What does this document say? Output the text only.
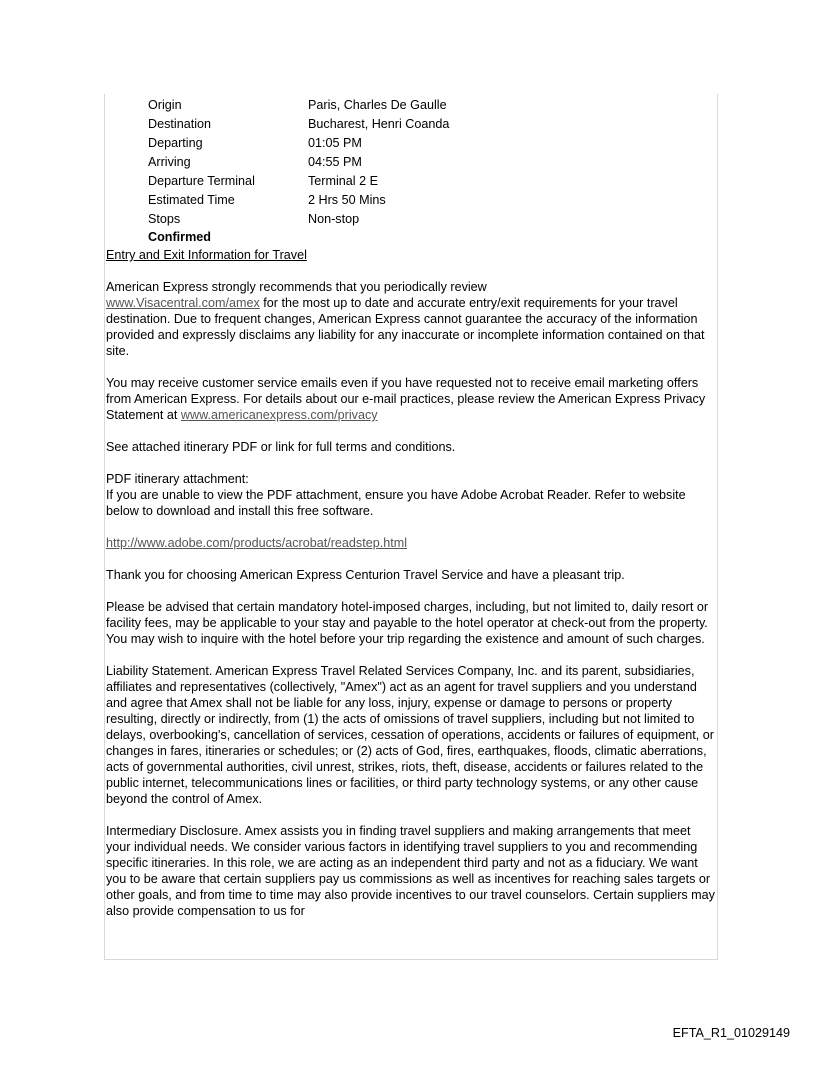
Origin	Paris, Charles De Gaulle
Destination	Bucharest, Henri Coanda
Departing	01:05 PM
Arriving	04:55 PM
Departure Terminal	Terminal 2 E
Estimated Time	2 Hrs 50 Mins
Stops	Non-stop
Confirmed
Entry and Exit Information for Travel

American Express strongly recommends that you periodically review
www.Visacentral.com/amex for the most up to date and accurate entry/exit requirements for your travel destination. Due to frequent changes, American Express cannot guarantee the accuracy of the information provided and expressly disclaims any liability for any inaccurate or incomplete information contained on that site.

You may receive customer service emails even if you have requested not to receive email marketing offers from American Express. For details about our e-mail practices, please review the American Express Privacy Statement at www.americanexpress.com/privacy

See attached itinerary PDF or link for full terms and conditions.

PDF itinerary attachment:

If you are unable to view the PDF attachment, ensure you have Adobe Acrobat Reader. Refer to website below to download and install this free software.

http://www.adobe.com/products/acrobat/readstep.html

Thank you for choosing American Express Centurion Travel Service and have a pleasant trip.

Please be advised that certain mandatory hotel-imposed charges, including, but not limited to, daily resort or facility fees, may be applicable to your stay and payable to the hotel operator at check-out from the property. You may wish to inquire with the hotel before your trip regarding the existence and amount of such charges.

Liability Statement. American Express Travel Related Services Company, Inc. and its parent, subsidiaries, affiliates and representatives (collectively, "Amex") act as an agent for travel suppliers and you understand and agree that Amex shall not be liable for any loss, injury, expense or damage to persons or property resulting, directly or indirectly, from (1) the acts of omissions of travel suppliers, including but not limited to delays, overbooking's, cancellation of services, cessation of operations, accidents or failures of equipment, or changes in fares, itineraries or schedules; or (2) acts of God, fires, earthquakes, floods, climatic aberrations, acts of governmental authorities, civil unrest, strikes, riots, theft, disease, accidents or failures related to the public internet, telecommunications lines or facilities, or third party technology systems, or any other cause beyond the control of Amex.

Intermediary Disclosure. Amex assists you in finding travel suppliers and making arrangements that meet your individual needs. We consider various factors in identifying travel suppliers to you and recommending specific itineraries. In this role, we are acting as an independent third party and not as a fiduciary. We want you to be aware that certain suppliers pay us commissions as well as incentives for reaching sales targets or other goals, and from time to time may also provide incentives to our travel counselors. Certain suppliers may also provide compensation to us for

EFTA_R1_01029149
